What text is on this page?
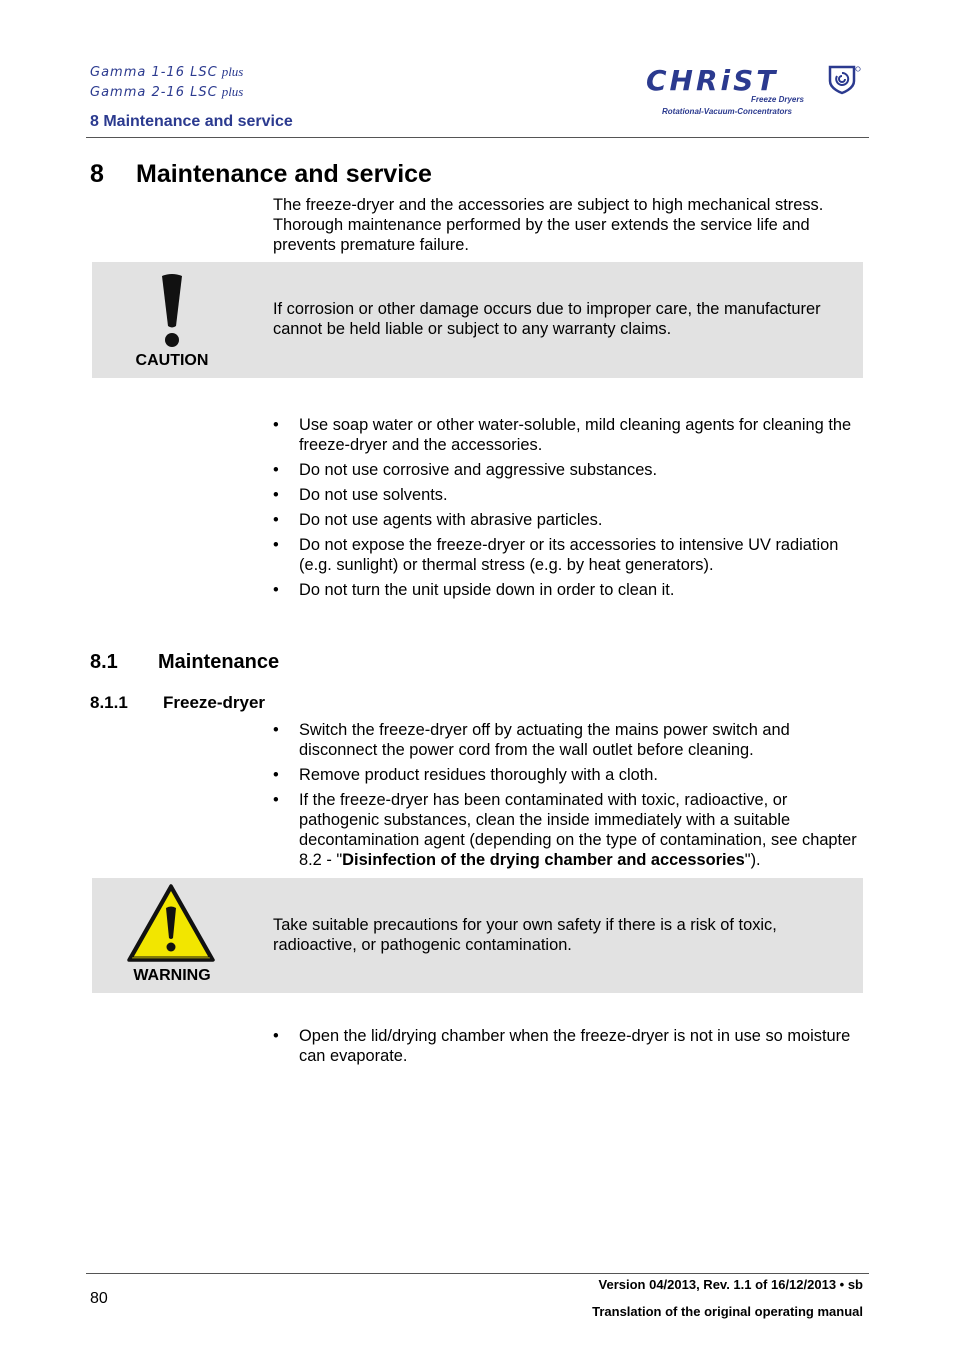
Gamma 1-16 LSC plus
Gamma 2-16 LSC plus
8 Maintenance and service
CHRiST
Freeze Dryers
Rotational-Vacuum-Concentrators
8 Maintenance and service
The freeze-dryer and the accessories are subject to high mechanical stress. Thorough maintenance performed by the user extends the service life and prevents premature failure.
CAUTION
If corrosion or other damage occurs due to improper care, the manufacturer cannot be held liable or subject to any warranty claims.
• Use soap water or other water-soluble, mild cleaning agents for cleaning the freeze-dryer and the accessories.
• Do not use corrosive and aggressive substances.
• Do not use solvents.
• Do not use agents with abrasive particles.
• Do not expose the freeze-dryer or its accessories to intensive UV radiation (e.g. sunlight) or thermal stress (e.g. by heat generators).
• Do not turn the unit upside down in order to clean it.
8.1 Maintenance
8.1.1 Freeze-dryer
• Switch the freeze-dryer off by actuating the mains power switch and disconnect the power cord from the wall outlet before cleaning.
• Remove product residues thoroughly with a cloth.
• If the freeze-dryer has been contaminated with toxic, radioactive, or pathogenic substances, clean the inside immediately with a suitable decontamination agent (depending on the type of contamination, see chapter 8.2 - "Disinfection of the drying chamber and accessories").
WARNING
Take suitable precautions for your own safety if there is a risk of toxic, radioactive, or pathogenic contamination.
• Open the lid/drying chamber when the freeze-dryer is not in use so moisture can evaporate.
80
Version 04/2013, Rev. 1.1 of 16/12/2013 • sb
Translation of the original operating manual
